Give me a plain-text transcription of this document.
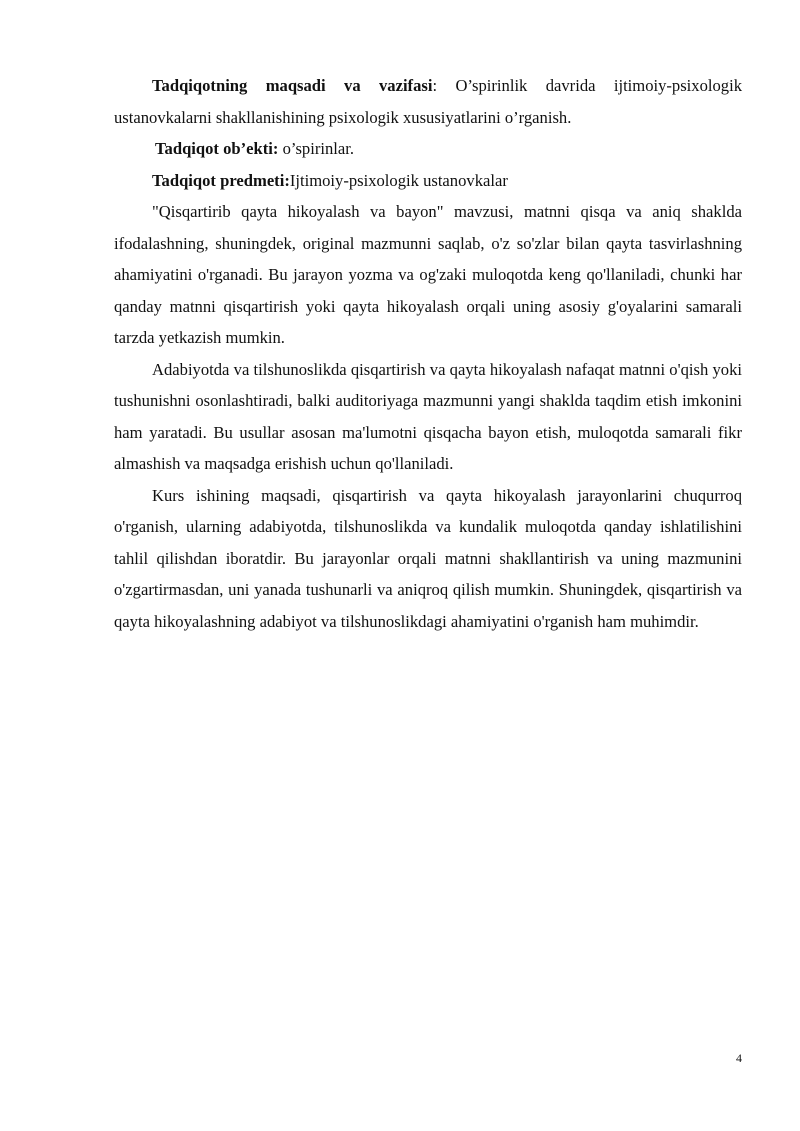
Tadqiqotning maqsadi va vazifasi: O’spirinlik davrida ijtimoiy-psixologik ustanovkalarni shakllanishining psixologik xususiyatlarini o’rganish.

Tadqiqot ob’ekti: o’spirinlar.

Tadqiqot predmeti:Ijtimoiy-psixologik ustanovkalar

"Qisqartirib qayta hikoyalash va bayon" mavzusi, matnni qisqa va aniq shaklda ifodalashning, shuningdek, original mazmunni saqlab, o'z so'zlar bilan qayta tasvirlashning ahamiyatini o'rganadi. Bu jarayon yozma va og'zaki muloqotda keng qo'llaniladi, chunki har qanday matnni qisqartirish yoki qayta hikoyalash orqali uning asosiy g'oyalarini samarali tarzda yetkazish mumkin.

Adabiyotda va tilshunoslikda qisqartirish va qayta hikoyalash nafaqat matnni o'qish yoki tushunishni osonlashtiradi, balki auditoriyaga mazmunni yangi shaklda taqdim etish imkonini ham yaratadi. Bu usullar asosan ma'lumotni qisqacha bayon etish, muloqotda samarali fikr almashish va maqsadga erishish uchun qo'llaniladi.

Kurs ishining maqsadi, qisqartirish va qayta hikoyalash jarayonlarini chuqurroq o'rganish, ularning adabiyotda, tilshunoslikda va kundalik muloqotda qanday ishlatilishini tahlil qilishdan iboratdir. Bu jarayonlar orqali matnni shakllantirish va uning mazmunini o'zgartirmasdan, uni yanada tushunarli va aniqroq qilish mumkin. Shuningdek, qisqartirish va qayta hikoyalashning adabiyot va tilshunoslikdagi ahamiyatini o'rganish ham muhimdir.

4
